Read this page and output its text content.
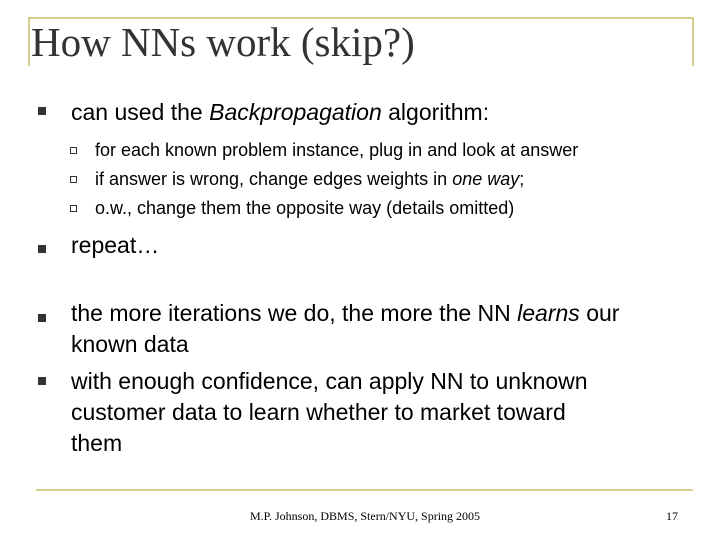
How NNs work (skip?)
can used the Backpropagation algorithm:
for each known problem instance, plug in and look at answer
if answer is wrong, change edges weights in one way;
o.w., change them the opposite way (details omitted)
repeat…
the more iterations we do, the more the NN learns our
known data
with enough confidence, can apply NN to unknown
customer data to learn whether to market toward
them
M.P. Johnson, DBMS, Stern/NYU, Spring 2005	17
